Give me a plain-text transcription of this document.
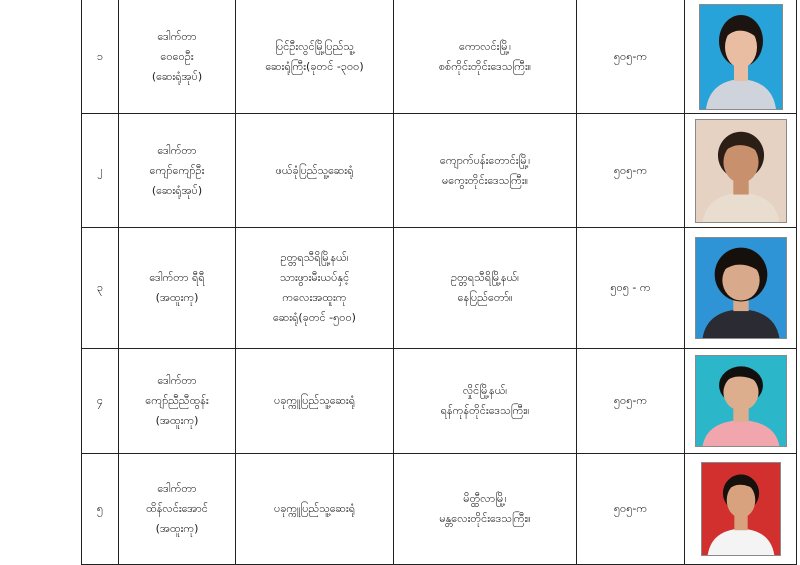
၁	ဒေါက်တာ
ဝေဝေဦး
(ဆေးရုံအုပ်)	ပြင်ဦးလွင်မြို့ပြည်သူ့
ဆေးရုံကြီး(ခုတင် -၃၀၀)	ကောလင်းမြို့၊
စစ်ကိုင်းတိုင်းဒေသကြီး။	၅၀၅-က	

၂	ဒေါက်တာ
ကျော်ကျော်ဦး
(ဆေးရုံအုပ်)	ဖယ်ခုံပြည်သူ့ဆေးရုံ	ကျောက်ပန်းတောင်းမြို့၊
မကွေးတိုင်းဒေသကြီး။	၅၀၅-က	

၃	ဒေါက်တာ ရီရီ
(အထူးကု)	ဥတ္တရသီရိမြို့နယ်၊
သားဖွားမီးယပ်နှင့်
ကလေးအထူးကု
ဆေးရုံ(ခုတင် -၅၀၀)	ဥတ္တရသီရိမြို့နယ်၊
နေပြည်တော်။	၅၀၅ - က	

၄	ဒေါက်တာ
ကျော်ညီညီထွန်း
(အထူးကု)	ပခုက္ကူပြည်သူ့ဆေးရုံ	လှိုင်မြို့နယ်၊
ရန်ကုန်တိုင်းဒေသကြီး။	၅၀၅-က	

၅	ဒေါက်တာ
ထိန်လင်းအောင်
(အထူးကု)	ပခုက္ကူပြည်သူ့ဆေးရုံ	မိတ္ထီလာမြို့၊
မန္တလေးတိုင်းဒေသကြီး။	၅၀၅-က	
